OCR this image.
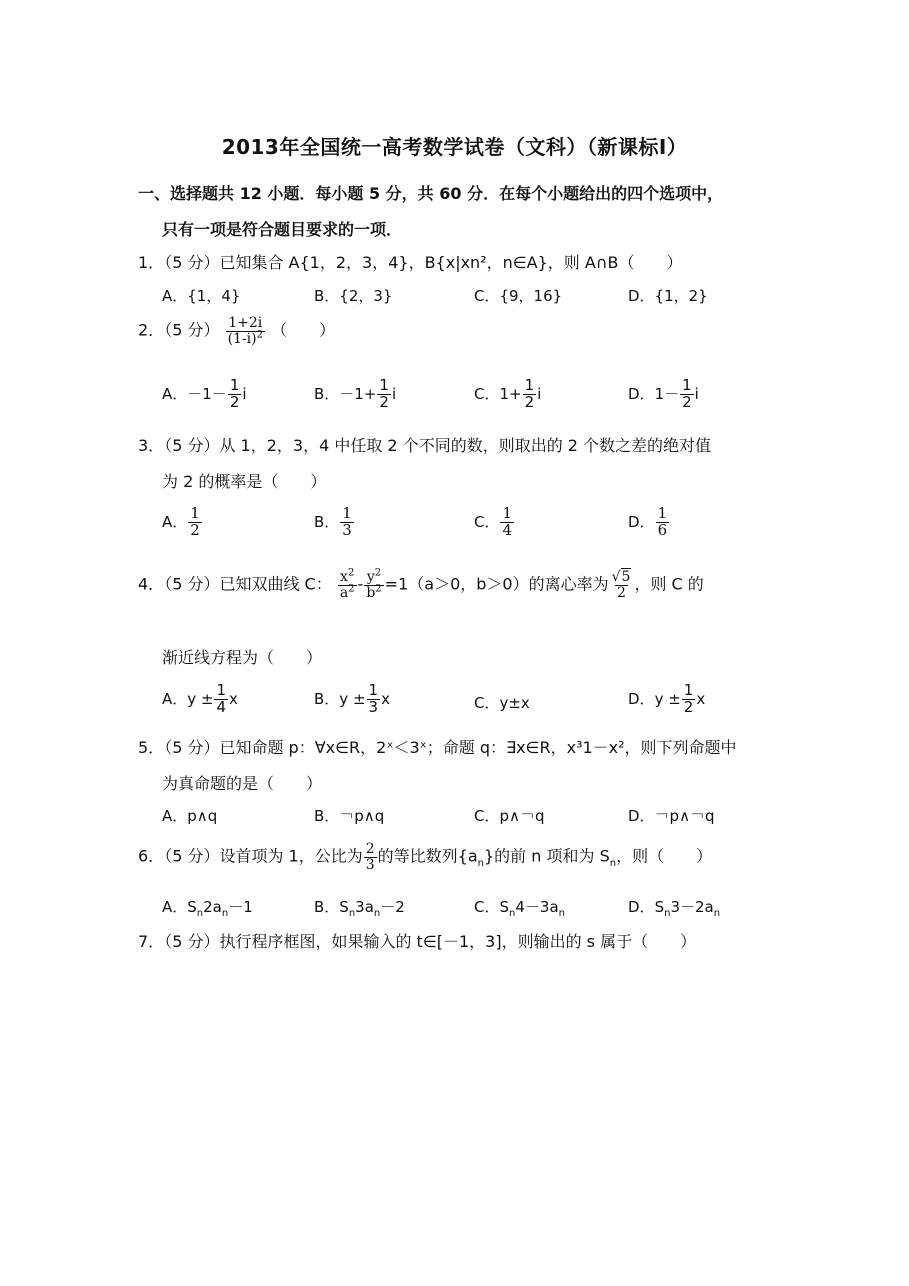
2013年全国统一高考数学试卷（文科）（新课标Ⅰ）
一、选择题共 12 小题．每小题 5 分，共 60 分．在每个小题给出的四个选项中，
只有一项是符合题目要求的一项．
1．（5 分）已知集合 A{1，2，3，4}，B{x|xn²，n∈A}，则 A∩B（　　）
A．{1，4}	B．{2，3}	C．{9，16}	D．{1，2}
2．（5 分） $\frac{1+2i}{(1-i)^2}$ （　　）
A．$-1- \frac{1}{2}$ i	B．$-1+ \frac{1}{2}$ i	C．$1+ \frac{1}{2}$ i	D．$1- \frac{1}{2}$ i
3．（5 分）从 1，2，3，4 中任取 2 个不同的数，则取出的 2 个数之差的绝对值
为 2 的概率是（　　）
A． $\frac{1}{2}$	B． $\frac{1}{3}$	C． $\frac{1}{4}$	D． $\frac{1}{6}$
4．（5 分）已知双曲线 C： $\frac{x^2}{a^2} - \frac{y^2}{b^2} =1(a>0$，b＞0）的离心率为 $\frac{√5}{2}$ ，则 C 的
渐近线方程为（　　）
A．$y \pm \frac{1}{4}$ x	B．$y \pm \frac{1}{3}$ x	C．y±x	D．$y \pm \frac{1}{2}$ x
5．（5 分）已知命题 p：∀x∈R，2ˣ＜3ˣ；命题 q：∃x∈R，x³1－x²，则下列命题中
为真命题的是（　　）
A．p∧q	B．￢p∧q	C．p∧￢q	D．￢p∧￢q
6．（5 分）设首项为 1，公比为 $\frac{2}{3}$ 的等比数列$\{a_n\}$的前 n 项和为 $S_n$，则（　　）
A．$S_n2a_n-1$	B．$S_n3a_n-2$	C．$S_n4-3a_n$	D．$S_n3-2a_n$
7．（5 分）执行程序框图，如果输入的 t∈[－1，3]，则输出的 s 属于（　　）
